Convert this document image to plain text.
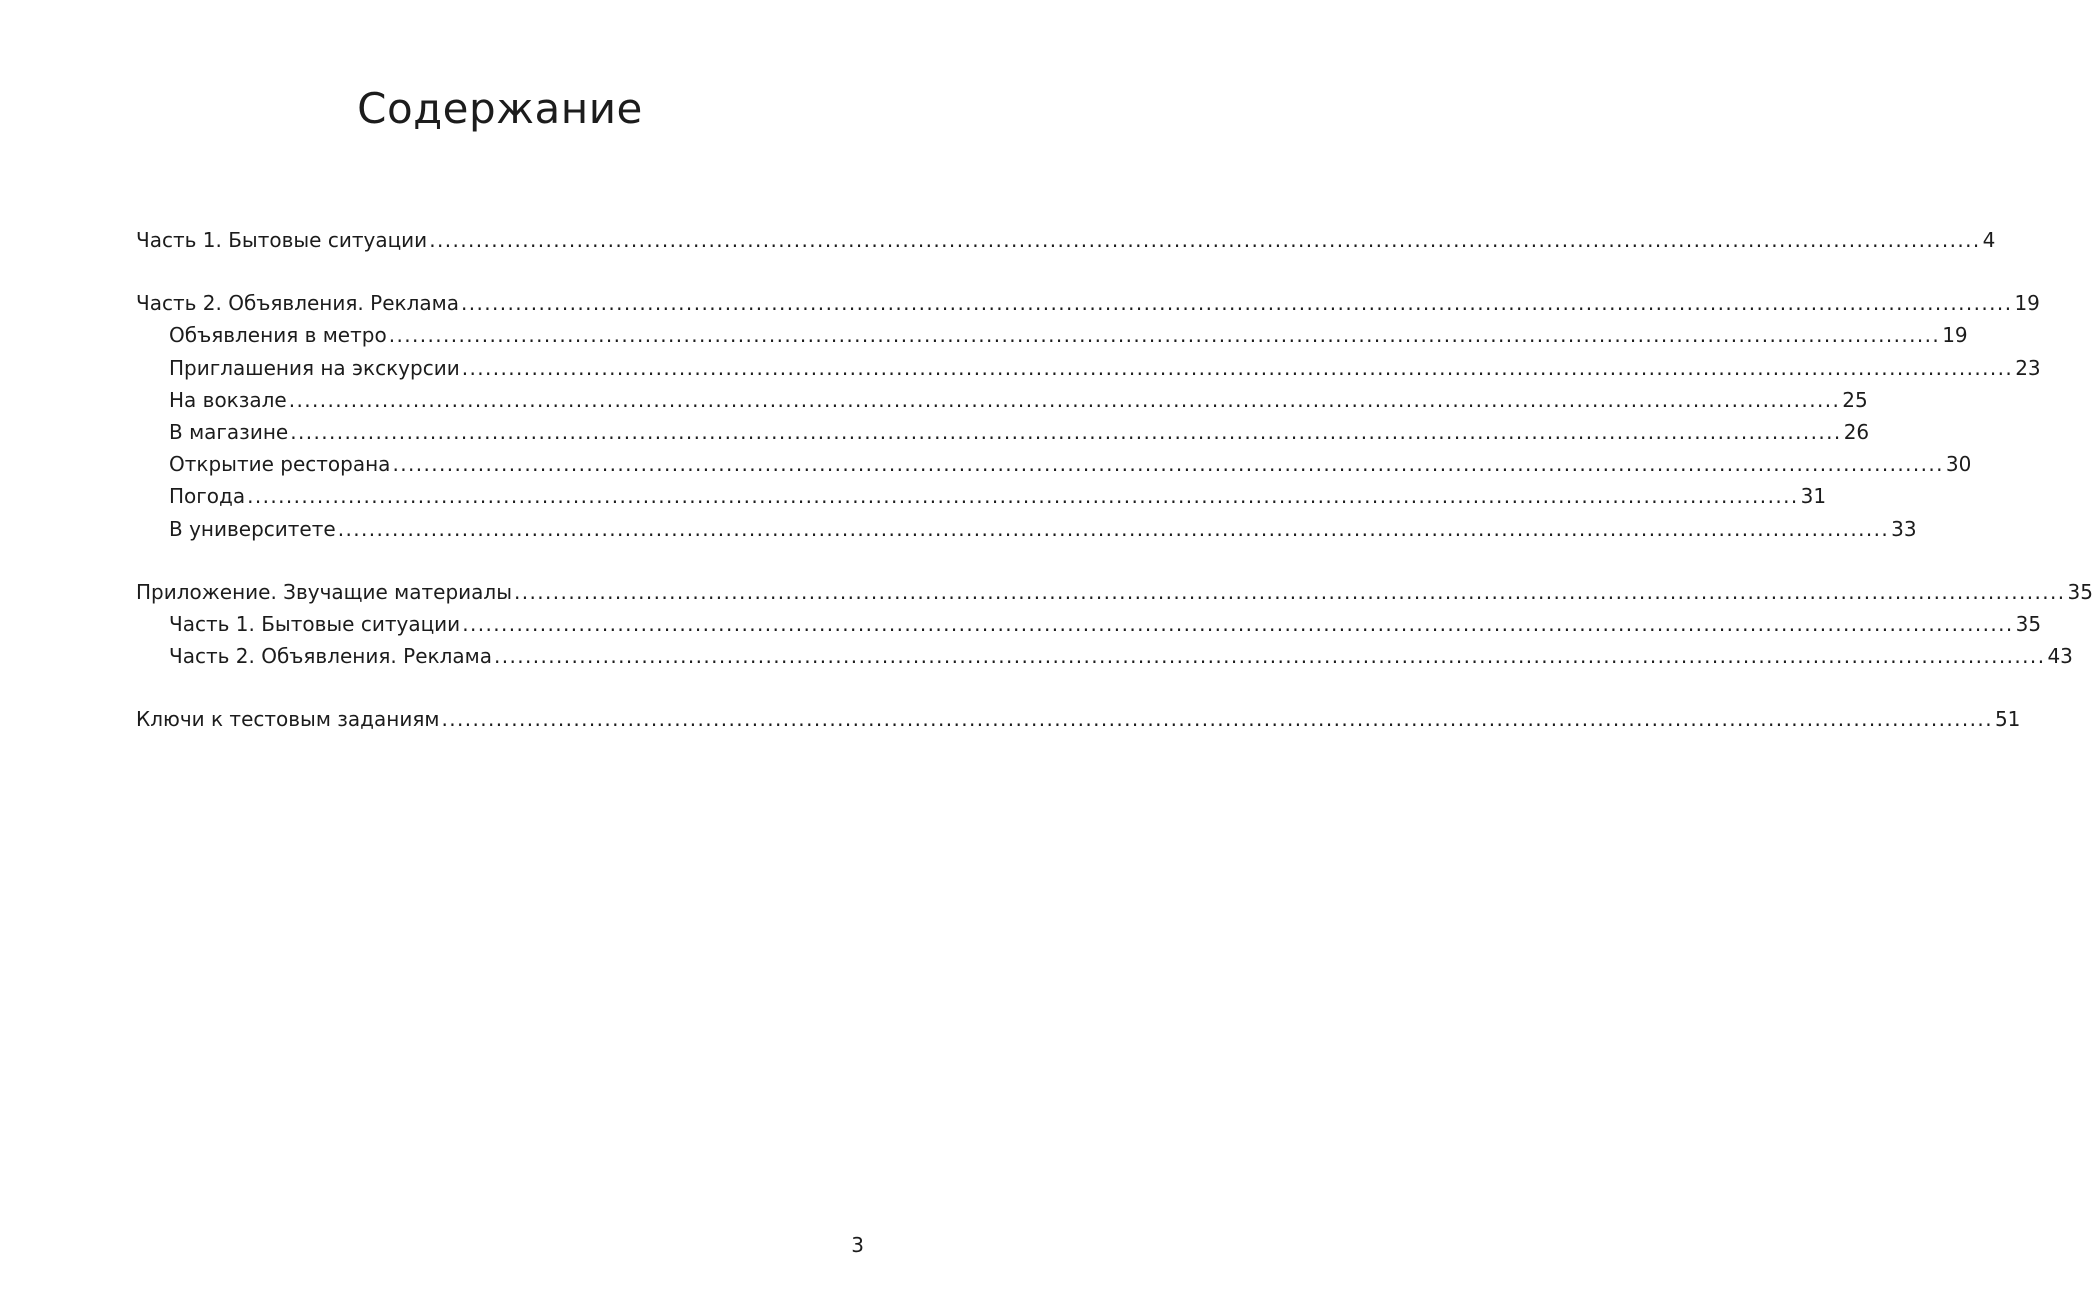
Содержание
Часть 1. Бытовые ситуации ........................................................................................................................................................................................................ 4
Часть 2. Объявления. Реклама ........................................................................................................................................................................................................ 19
Объявления в метро ........................................................................................................................................................................................................ 19
Приглашения на экскурсии ........................................................................................................................................................................................................ 23
На вокзале ........................................................................................................................................................................................................ 25
В магазине ........................................................................................................................................................................................................ 26
Открытие ресторана ........................................................................................................................................................................................................ 30
Погода ........................................................................................................................................................................................................ 31
В университете ........................................................................................................................................................................................................ 33
Приложение. Звучащие материалы ........................................................................................................................................................................................................ 35
Часть 1. Бытовые ситуации ........................................................................................................................................................................................................ 35
Часть 2. Объявления. Реклама ........................................................................................................................................................................................................ 43
Ключи к тестовым заданиям ........................................................................................................................................................................................................ 51
3
